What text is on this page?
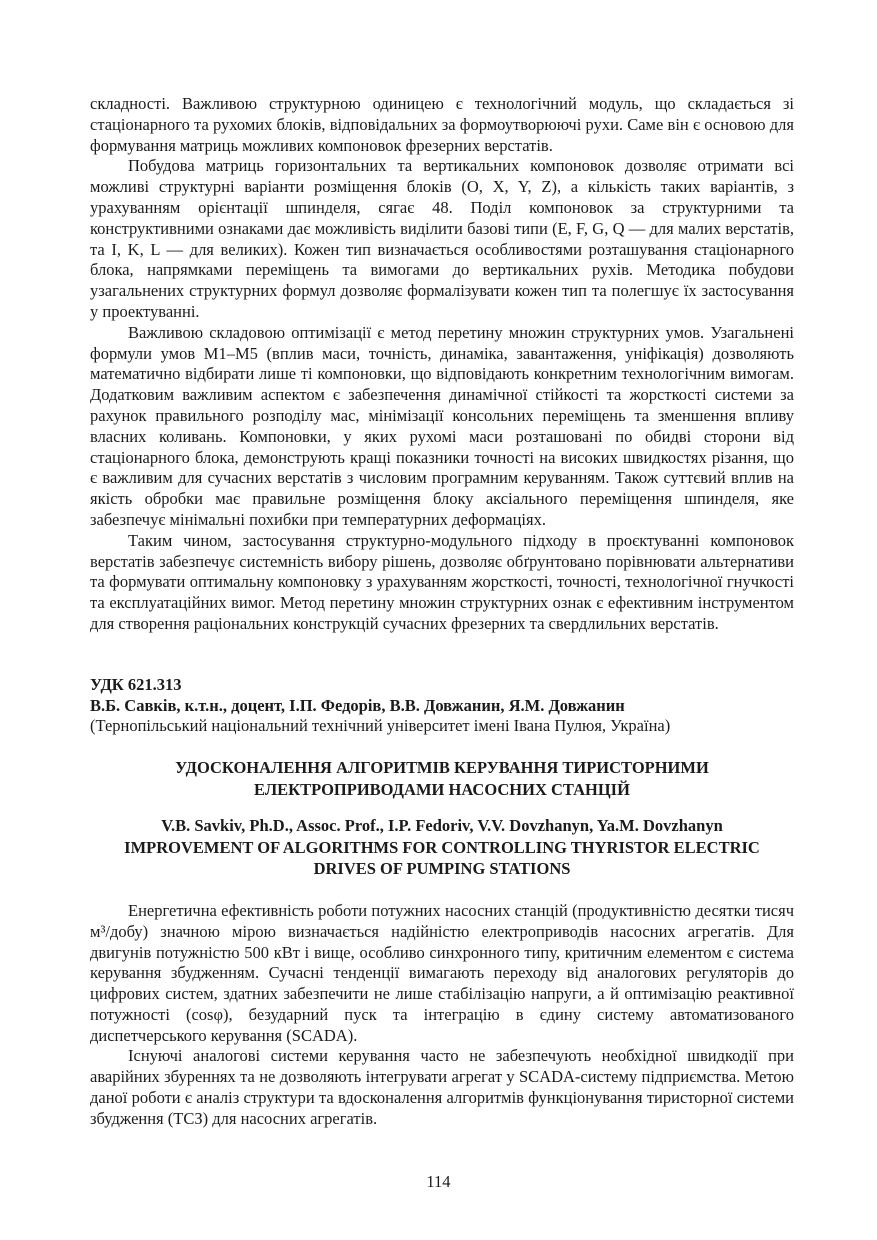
складності. Важливою структурною одиницею є технологічний модуль, що складається зі стаціонарного та рухомих блоків, відповідальних за формоутворюючі рухи. Саме він є основою для формування матриць можливих компоновок фрезерних верстатів.

Побудова матриць горизонтальних та вертикальних компоновок дозволяє отримати всі можливі структурні варіанти розміщення блоків (О, X, Y, Z), а кількість таких варіантів, з урахуванням орієнтації шпинделя, сягає 48. Поділ компоновок за структурними та конструктивними ознаками дає можливість виділити базові типи (E, F, G, Q — для малих верстатів, та I, K, L — для великих). Кожен тип визначається особливостями розташування стаціонарного блока, напрямками переміщень та вимогами до вертикальних рухів. Методика побудови узагальнених структурних формул дозволяє формалізувати кожен тип та полегшує їх застосування у проектуванні.

Важливою складовою оптимізації є метод перетину множин структурних умов. Узагальнені формули умов М1–М5 (вплив маси, точність, динаміка, завантаження, уніфікація) дозволяють математично відбирати лише ті компоновки, що відповідають конкретним технологічним вимогам. Додатковим важливим аспектом є забезпечення динамічної стійкості та жорсткості системи за рахунок правильного розподілу мас, мінімізації консольних переміщень та зменшення впливу власних коливань. Компоновки, у яких рухомі маси розташовані по обидві сторони від стаціонарного блока, демонструють кращі показники точності на високих швидкостях різання, що є важливим для сучасних верстатів з числовим програмним керуванням. Також суттєвий вплив на якість обробки має правильне розміщення блоку аксіального переміщення шпинделя, яке забезпечує мінімальні похибки при температурних деформаціях.

Таким чином, застосування структурно-модульного підходу в проєктуванні компоновок верстатів забезпечує системність вибору рішень, дозволяє обґрунтовано порівнювати альтернативи та формувати оптимальну компоновку з урахуванням жорсткості, точності, технологічної гнучкості та експлуатаційних вимог. Метод перетину множин структурних ознак є ефективним інструментом для створення раціональних конструкцій сучасних фрезерних та свердлильних верстатів.

УДК 621.313

В.Б. Савків, к.т.н., доцент, І.П. Федорів, В.В. Довжанин, Я.М. Довжанин

(Тернопільський національний технічний університет імені Івана Пулюя, Україна)

УДОСКОНАЛЕННЯ АЛГОРИТМІВ КЕРУВАННЯ ТИРИСТОРНИМИ ЕЛЕКТРОПРИВОДАМИ НАСОСНИХ СТАНЦІЙ

V.B. Savkiv, Ph.D., Assoc. Prof., I.P. Fedoriv, V.V. Dovzhanyn, Ya.M. Dovzhanyn

IMPROVEMENT OF ALGORITHMS FOR CONTROLLING THYRISTOR ELECTRIC DRIVES OF PUMPING STATIONS

Енергетична ефективність роботи потужних насосних станцій (продуктивністю десятки тисяч м³/добу) значною мірою визначається надійністю електроприводів насосних агрегатів. Для двигунів потужністю 500 кВт і вище, особливо синхронного типу, критичним елементом є система керування збудженням. Сучасні тенденції вимагають переходу від аналогових регуляторів до цифрових систем, здатних забезпечити не лише стабілізацію напруги, а й оптимізацію реактивної потужності (cosφ), безударний пуск та інтеграцію в єдину систему автоматизованого диспетчерського керування (SCADA).

Існуючі аналогові системи керування часто не забезпечують необхідної швидкодії при аварійних збуреннях та не дозволяють інтегрувати агрегат у SCADA-систему підприємства. Метою даної роботи є аналіз структури та вдосконалення алгоритмів функціонування тиристорної системи збудження (ТСЗ) для насосних агрегатів.

114
